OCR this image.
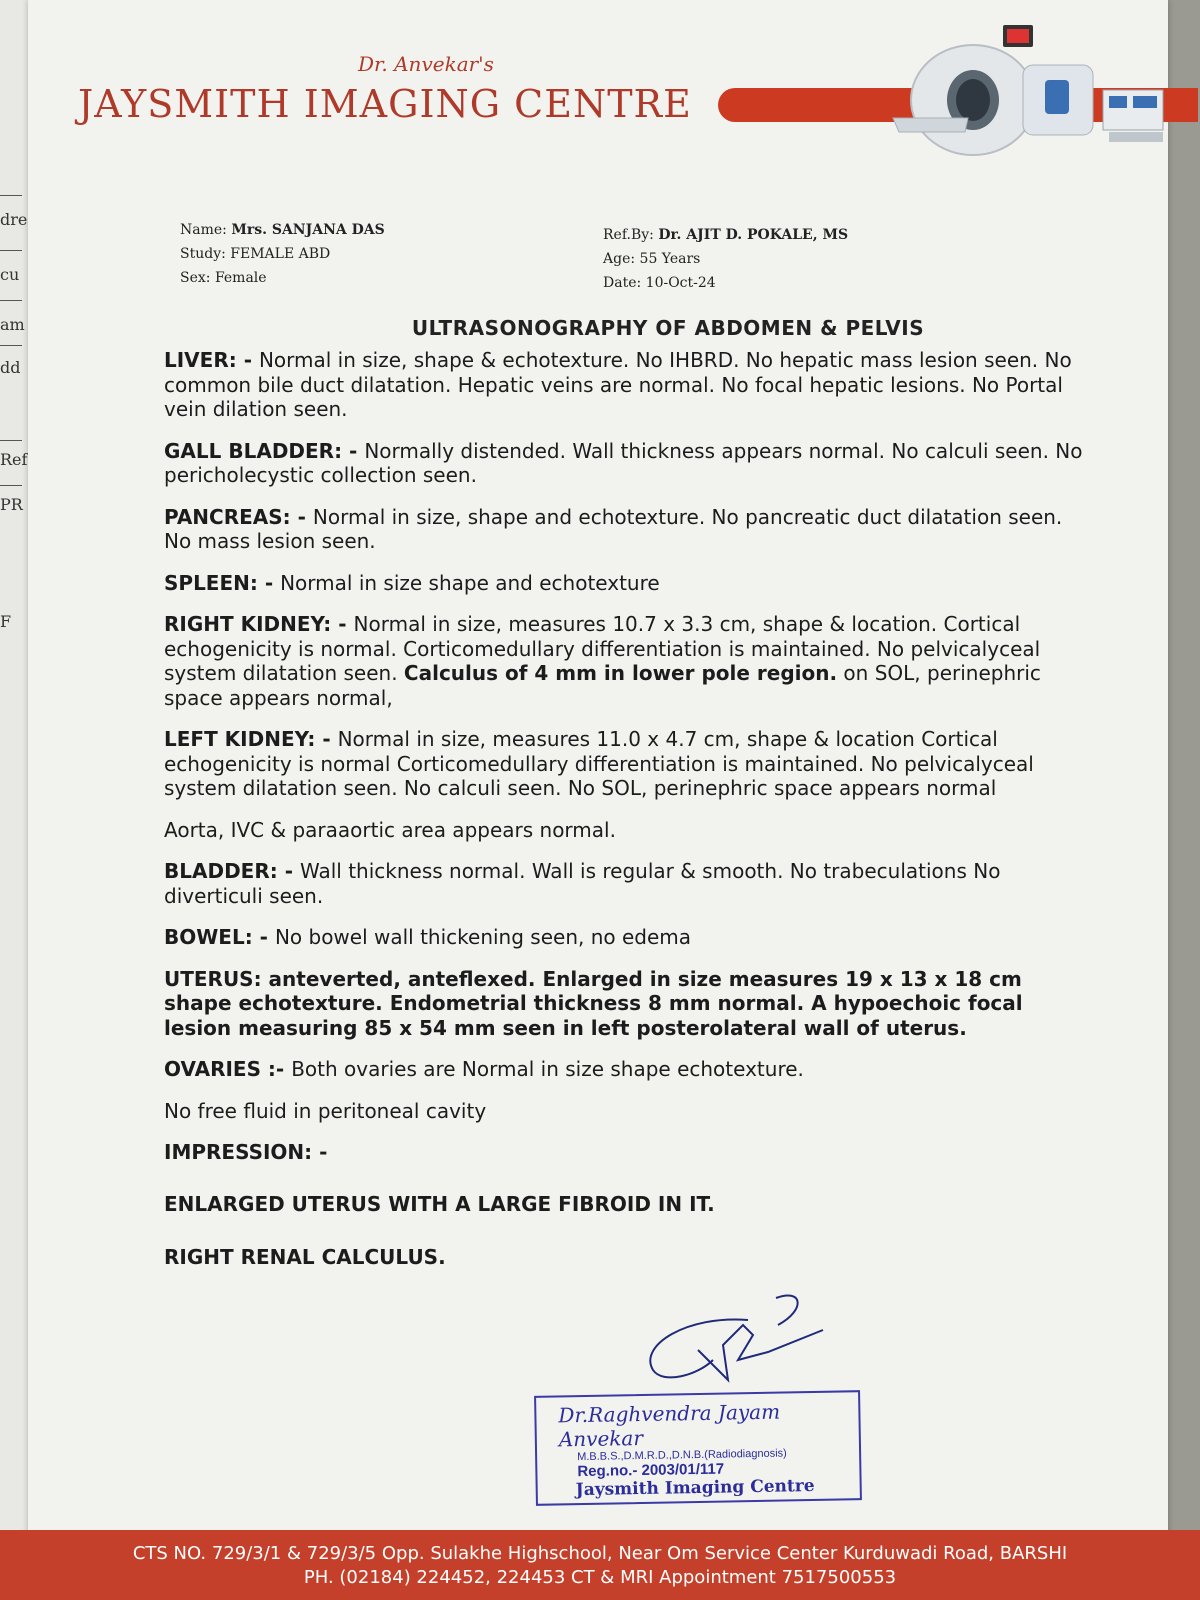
dre
cu
am
dd
Ref
PR
F
Dr. Anvekar's
JAYSMITH IMAGING CENTRE
Name: Mrs. SANJANA DAS
Study: FEMALE ABD
Sex: Female
Ref.By: Dr. AJIT D. POKALE, MS
Age: 55 Years
Date: 10-Oct-24
ULTRASONOGRAPHY OF ABDOMEN & PELVIS

LIVER: - Normal in size, shape & echotexture. No IHBRD. No hepatic mass lesion seen. No common bile duct dilatation. Hepatic veins are normal. No focal hepatic lesions. No Portal vein dilation seen.

GALL BLADDER: - Normally distended. Wall thickness appears normal. No calculi seen. No pericholecystic collection seen.

PANCREAS: - Normal in size, shape and echotexture. No pancreatic duct dilatation seen. No mass lesion seen.

SPLEEN: - Normal in size shape and echotexture

RIGHT KIDNEY: - Normal in size, measures 10.7 x 3.3 cm, shape & location. Cortical echogenicity is normal. Corticomedullary differentiation is maintained. No pelvicalyceal system dilatation seen. Calculus of 4 mm in lower pole region. on SOL, perinephric space appears normal,

LEFT KIDNEY: - Normal in size, measures 11.0 x 4.7 cm, shape & location Cortical echogenicity is normal Corticomedullary differentiation is maintained. No pelvicalyceal system dilatation seen. No calculi seen. No SOL, perinephric space appears normal

Aorta, IVC & paraaortic area appears normal.

BLADDER: - Wall thickness normal. Wall is regular & smooth. No trabeculations No diverticuli seen.

BOWEL: - No bowel wall thickening seen, no edema

UTERUS: anteverted, anteflexed. Enlarged in size measures 19 x 13 x 18 cm shape echotexture. Endometrial thickness 8 mm normal. A hypoechoic focal lesion measuring 85 x 54 mm seen in left posterolateral wall of uterus.

OVARIES :- Both ovaries are Normal in size shape echotexture.

No free fluid in peritoneal cavity

IMPRESSION: -

ENLARGED UTERUS WITH A LARGE FIBROID IN IT.

RIGHT RENAL CALCULUS.

Dr.Raghvendra Jayam Anvekar
M.B.B.S.,D.M.R.D.,D.N.B.(Radiodiagnosis)
Reg.no.- 2003/01/117
Jaysmith Imaging Centre
CTS NO. 729/3/1 & 729/3/5 Opp. Sulakhe Highschool, Near Om Service Center Kurduwadi Road, BARSHI
PH. (02184) 224452, 224453 CT & MRI Appointment 7517500553
